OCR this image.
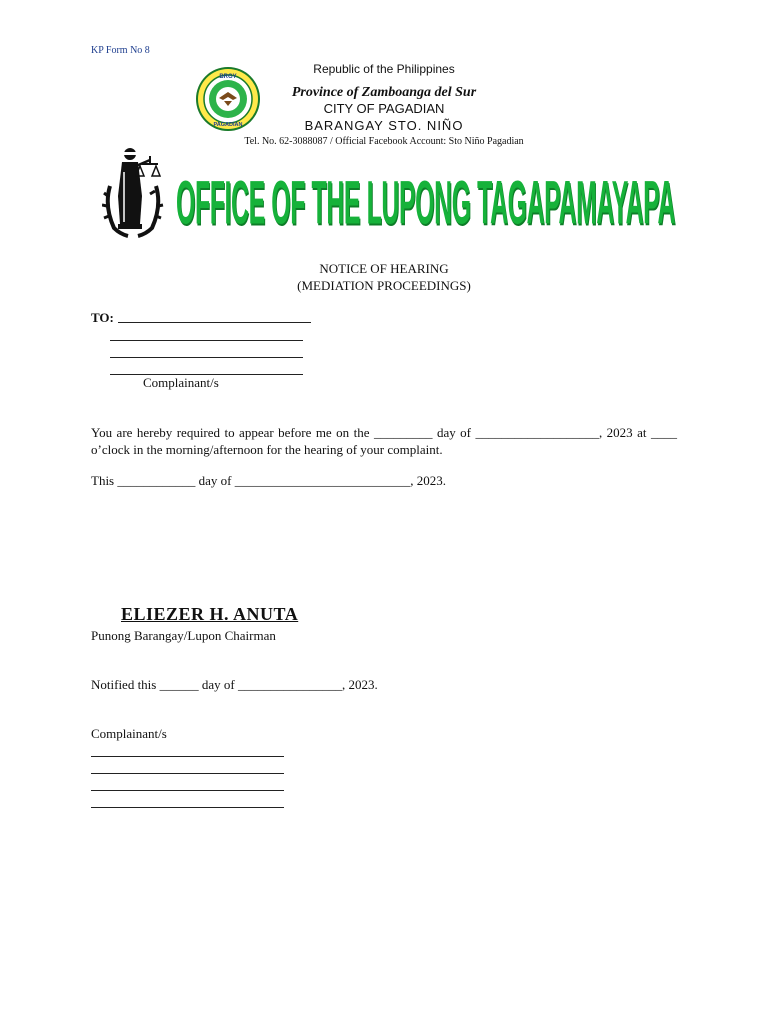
KP Form No 8
BRGY
PAGADIAN
Republic of the Philippines
Province of Zamboanga del Sur
CITY OF PAGADIAN
BARANGAY STO. NIÑO
Tel. No. 62-3088087 / Official Facebook Account: Sto Niño Pagadian
OFFICE OF THE LUPONG TAGAPAMAYAPA
NOTICE OF HEARING
(MEDIATION PROCEEDINGS)
TO:
Complainant/s
You are hereby required to appear before me on the _________ day of ___________________, 2023 at ____ o’clock in the morning/afternoon for the hearing of your complaint.
This ____________ day of ___________________________, 2023.
ELIEZER H. ANUTA
Punong Barangay/Lupon Chairman
Notified this ______ day of ________________, 2023.
Complainant/s
